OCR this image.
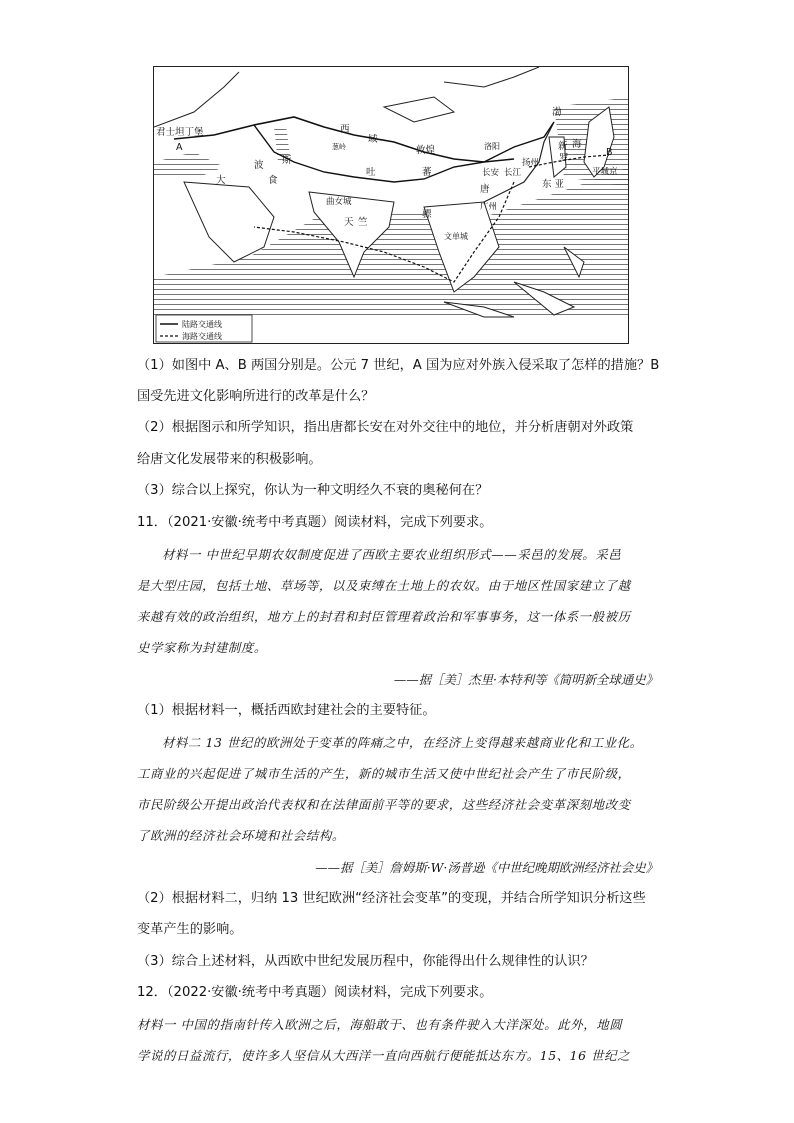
君士坦丁堡
A	B
大
波 斯
食
西
域
葱岭	敦煌
吐	蕃
曲女城
天 竺
骠
文单城
唐
广州
长安
洛阳
长江
扬州
东 亚
渤
海
新
罗
平城京
陆路交通线
海路交通线
（1）如图中 A、B 两国分别是。公元 7 世纪，A 国为应对外族入侵采取了怎样的措施？B
国受先进文化影响所进行的改革是什么？
（2）根据图示和所学知识，指出唐都长安在对外交往中的地位，并分析唐朝对外政策
给唐文化发展带来的积极影响。
（3）综合以上探究，你认为一种文明经久不衰的奥秘何在？
11．（2021·安徽·统考中考真题）阅读材料，完成下列要求。
材料一 中世纪早期农奴制度促进了西欧主要农业组织形式——采邑的发展。采邑
是大型庄园，包括土地、草场等，以及束缚在土地上的农奴。由于地区性国家建立了越
来越有效的政治组织，地方上的封君和封臣管理着政治和军事事务，这一体系一般被历
史学家称为封建制度。
——据［美］杰里·本特利等《简明新全球通史》
（1）根据材料一，概括西欧封建社会的主要特征。
材料二 13 世纪的欧洲处于变革的阵痛之中，在经济上变得越来越商业化和工业化。
工商业的兴起促进了城市生活的产生，新的城市生活又使中世纪社会产生了市民阶级，
市民阶级公开提出政治代表权和在法律面前平等的要求，这些经济社会变革深刻地改变
了欧洲的经济社会环境和社会结构。
——据［美］詹姆斯·W·汤普逊《中世纪晚期欧洲经济社会史》
（2）根据材料二，归纳 13 世纪欧洲“经济社会变革”的变现，并结合所学知识分析这些
变革产生的影响。
（3）综合上述材料，从西欧中世纪发展历程中，你能得出什么规律性的认识？
12．（2022·安徽·统考中考真题）阅读材料，完成下列要求。
材料一 中国的指南针传入欧洲之后，海船敢于、也有条件驶入大洋深处。此外，地圆
学说的日益流行，使许多人坚信从大西洋一直向西航行便能抵达东方。15、16 世纪之
